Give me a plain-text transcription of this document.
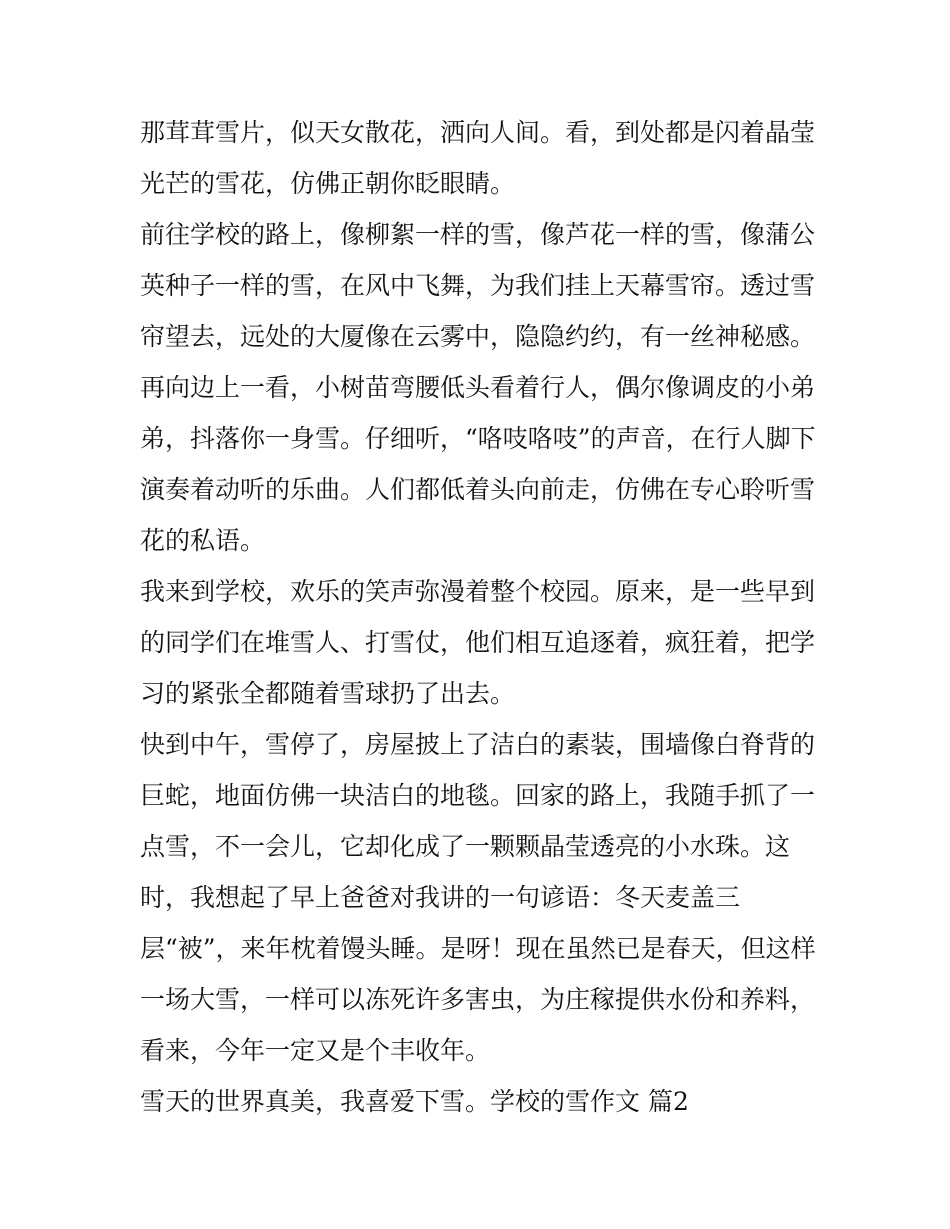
那茸茸雪片，似天女散花，洒向人间。看，到处都是闪着晶莹
光芒的雪花，仿佛正朝你眨眼睛。
前往学校的路上，像柳絮一样的雪，像芦花一样的雪，像蒲公
英种子一样的雪，在风中飞舞，为我们挂上天幕雪帘。透过雪
帘望去，远处的大厦像在云雾中，隐隐约约，有一丝神秘感。
再向边上一看，小树苗弯腰低头看着行人，偶尔像调皮的小弟
弟，抖落你一身雪。仔细听，“咯吱咯吱”的声音，在行人脚下
演奏着动听的乐曲。人们都低着头向前走，仿佛在专心聆听雪
花的私语。
我来到学校，欢乐的笑声弥漫着整个校园。原来，是一些早到
的同学们在堆雪人、打雪仗，他们相互追逐着，疯狂着，把学
习的紧张全都随着雪球扔了出去。
快到中午，雪停了，房屋披上了洁白的素装，围墙像白脊背的
巨蛇，地面仿佛一块洁白的地毯。回家的路上，我随手抓了一
点雪，不一会儿，它却化成了一颗颗晶莹透亮的小水珠。这
时，我想起了早上爸爸对我讲的一句谚语：冬天麦盖三
层“被”，来年枕着馒头睡。是呀！现在虽然已是春天，但这样
一场大雪，一样可以冻死许多害虫，为庄稼提供水份和养料，
看来，今年一定又是个丰收年。
雪天的世界真美，我喜爱下雪。学校的雪作文 篇2
